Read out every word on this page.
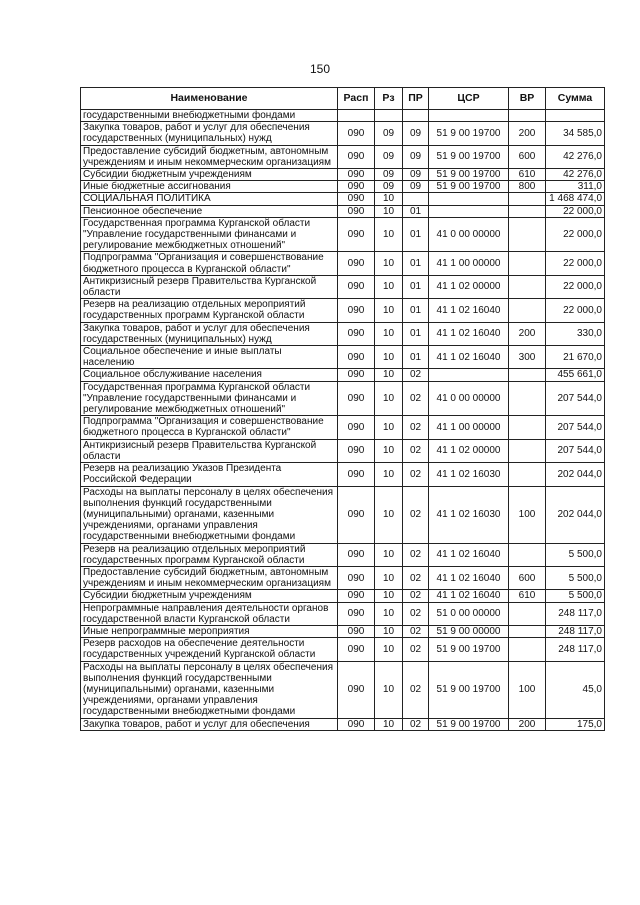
150
Наименование	Расп	Рз	ПР	ЦСР	ВР	Сумма
государственными внебюджетными фондами						
Закупка товаров, работ и услуг для обеспечения государственных (муниципальных) нужд	090	09	09	51 9 00 19700	200	34 585,0
Предоставление субсидий бюджетным, автономным учреждениям и иным некоммерческим организациям	090	09	09	51 9 00 19700	600	42 276,0
Субсидии бюджетным учреждениям	090	09	09	51 9 00 19700	610	42 276,0
Иные бюджетные ассигнования	090	09	09	51 9 00 19700	800	311,0
СОЦИАЛЬНАЯ ПОЛИТИКА	090	10				1 468 474,0
Пенсионное обеспечение	090	10	01			22 000,0
Государственная программа Курганской области "Управление государственными финансами и регулирование межбюджетных отношений"	090	10	01	41 0 00 00000		22 000,0
Подпрограмма "Организация и совершенствование бюджетного процесса в Курганской области"	090	10	01	41 1 00 00000		22 000,0
Антикризисный резерв Правительства Курганской области	090	10	01	41 1 02 00000		22 000,0
Резерв на реализацию отдельных мероприятий государственных программ Курганской области	090	10	01	41 1 02 16040		22 000,0
Закупка товаров, работ и услуг для обеспечения государственных (муниципальных) нужд	090	10	01	41 1 02 16040	200	330,0
Социальное обеспечение и иные выплаты населению	090	10	01	41 1 02 16040	300	21 670,0
Социальное обслуживание населения	090	10	02			455 661,0
Государственная программа Курганской области "Управление государственными финансами и регулирование межбюджетных отношений"	090	10	02	41 0 00 00000		207 544,0
Подпрограмма "Организация и совершенствование бюджетного процесса в Курганской области"	090	10	02	41 1 00 00000		207 544,0
Антикризисный резерв Правительства Курганской области	090	10	02	41 1 02 00000		207 544,0
Резерв на реализацию Указов Президента Российской Федерации	090	10	02	41 1 02 16030		202 044,0
Расходы на выплаты персоналу в целях обеспечения выполнения функций государственными (муниципальными) органами, казенными учреждениями, органами управления государственными внебюджетными фондами	090	10	02	41 1 02 16030	100	202 044,0
Резерв на реализацию отдельных мероприятий государственных программ Курганской области	090	10	02	41 1 02 16040		5 500,0
Предоставление субсидий бюджетным, автономным учреждениям и иным некоммерческим организациям	090	10	02	41 1 02 16040	600	5 500,0
Субсидии бюджетным учреждениям	090	10	02	41 1 02 16040	610	5 500,0
Непрограммные направления деятельности органов государственной власти Курганской области	090	10	02	51 0 00 00000		248 117,0
Иные непрограммные мероприятия	090	10	02	51 9 00 00000		248 117,0
Резерв расходов на обеспечение деятельности государственных учреждений Курганской области	090	10	02	51 9 00 19700		248 117,0
Расходы на выплаты персоналу в целях обеспечения выполнения функций государственными (муниципальными) органами, казенными учреждениями, органами управления государственными внебюджетными фондами	090	10	02	51 9 00 19700	100	45,0
Закупка товаров, работ и услуг для обеспечения	090	10	02	51 9 00 19700	200	175,0
